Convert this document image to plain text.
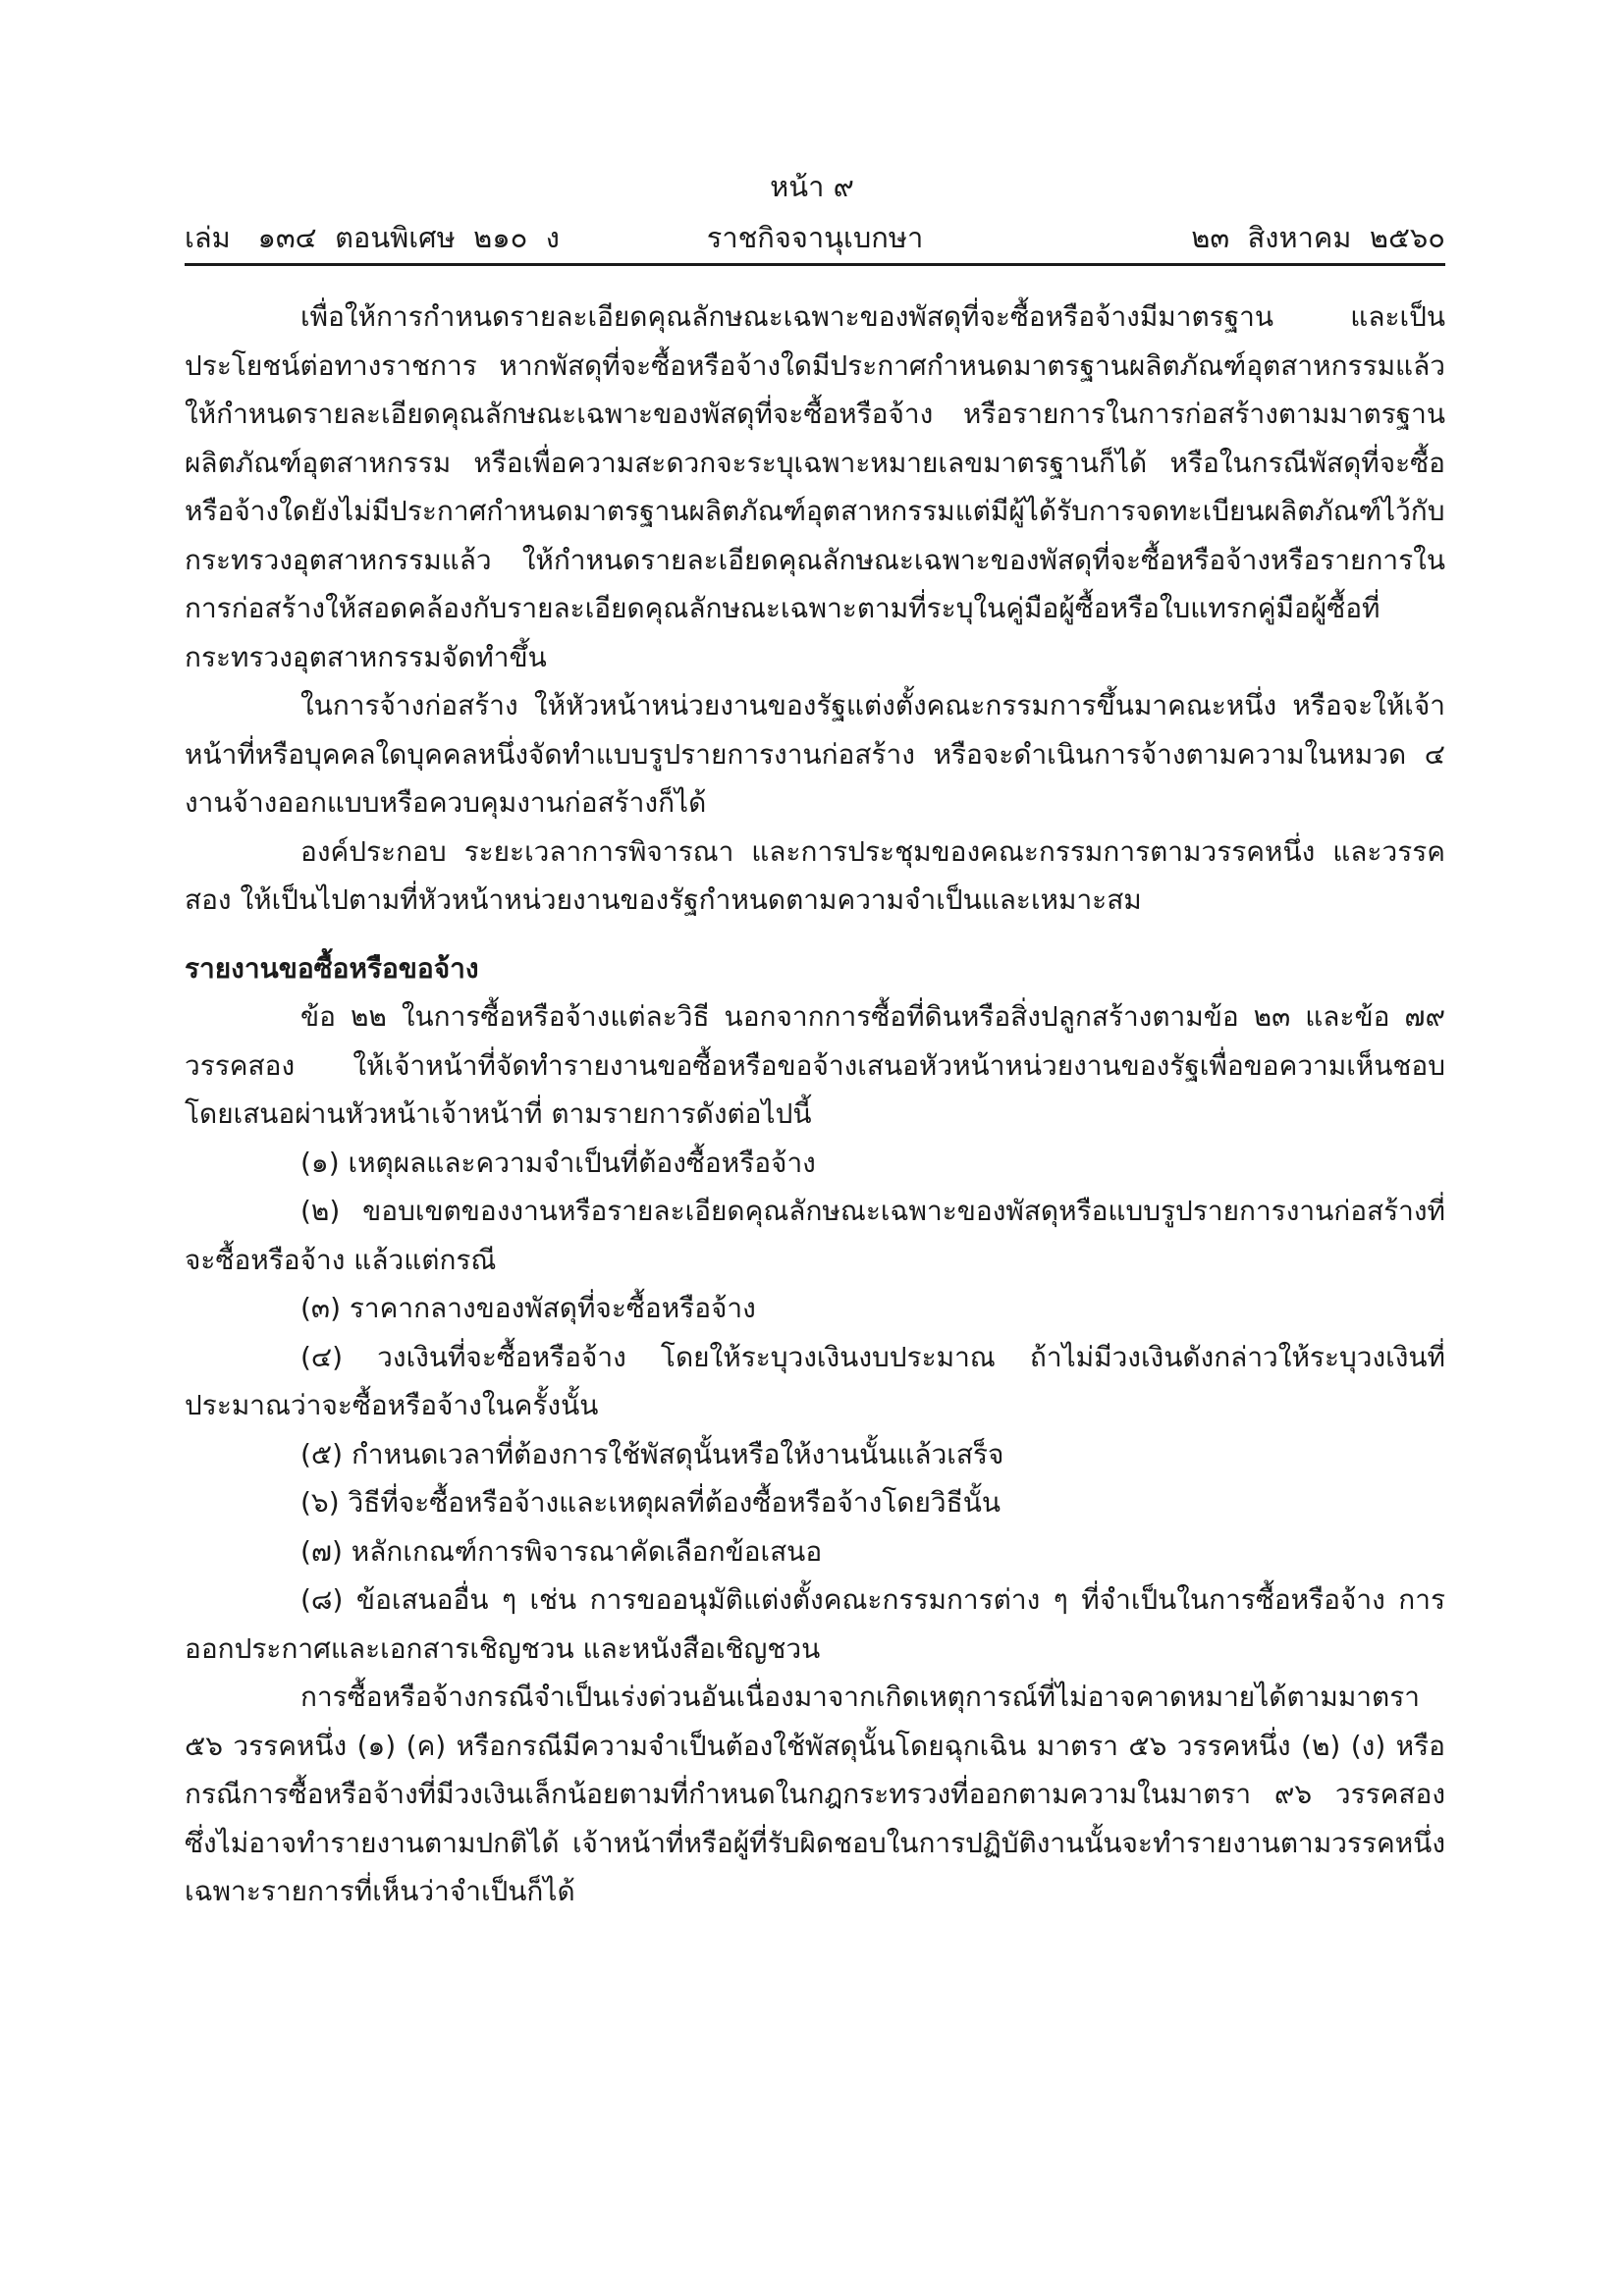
หน้า ๙
เล่ม   ๑๓๔  ตอนพิเศษ  ๒๑๐  ง	ราชกิจจานุเบกษา	๒๓  สิงหาคม  ๒๕๖๐

เพื่อให้การกำหนดรายละเอียดคุณลักษณะเฉพาะของพัสดุที่จะซื้อหรือจ้างมีมาตรฐาน และเป็นประโยชน์ต่อทางราชการ หากพัสดุที่จะซื้อหรือจ้างใดมีประกาศกำหนดมาตรฐานผลิตภัณฑ์อุตสาหกรรมแล้วให้กำหนดรายละเอียดคุณลักษณะเฉพาะของพัสดุที่จะซื้อหรือจ้าง หรือรายการในการก่อสร้างตามมาตรฐานผลิตภัณฑ์อุตสาหกรรม หรือเพื่อความสะดวกจะระบุเฉพาะหมายเลขมาตรฐานก็ได้ หรือในกรณีพัสดุที่จะซื้อหรือจ้างใดยังไม่มีประกาศกำหนดมาตรฐานผลิตภัณฑ์อุตสาหกรรมแต่มีผู้ได้รับการจดทะเบียนผลิตภัณฑ์ไว้กับกระทรวงอุตสาหกรรมแล้ว ให้กำหนดรายละเอียดคุณลักษณะเฉพาะของพัสดุที่จะซื้อหรือจ้างหรือรายการในการก่อสร้างให้สอดคล้องกับรายละเอียดคุณลักษณะเฉพาะตามที่ระบุในคู่มือผู้ซื้อหรือใบแทรกคู่มือผู้ซื้อที่กระทรวงอุตสาหกรรมจัดทำขึ้น

ในการจ้างก่อสร้าง ให้หัวหน้าหน่วยงานของรัฐแต่งตั้งคณะกรรมการขึ้นมาคณะหนึ่ง หรือจะให้เจ้าหน้าที่หรือบุคคลใดบุคคลหนึ่งจัดทำแบบรูปรายการงานก่อสร้าง หรือจะดำเนินการจ้างตามความในหมวด ๔ งานจ้างออกแบบหรือควบคุมงานก่อสร้างก็ได้

องค์ประกอบ ระยะเวลาการพิจารณา และการประชุมของคณะกรรมการตามวรรคหนึ่ง และวรรคสอง ให้เป็นไปตามที่หัวหน้าหน่วยงานของรัฐกำหนดตามความจำเป็นและเหมาะสม

รายงานขอซื้อหรือขอจ้าง

ข้อ ๒๒ ในการซื้อหรือจ้างแต่ละวิธี นอกจากการซื้อที่ดินหรือสิ่งปลูกสร้างตามข้อ ๒๓ และข้อ ๗๙ วรรคสอง ให้เจ้าหน้าที่จัดทำรายงานขอซื้อหรือขอจ้างเสนอหัวหน้าหน่วยงานของรัฐเพื่อขอความเห็นชอบ โดยเสนอผ่านหัวหน้าเจ้าหน้าที่ ตามรายการดังต่อไปนี้

(๑) เหตุผลและความจำเป็นที่ต้องซื้อหรือจ้าง

(๒) ขอบเขตของงานหรือรายละเอียดคุณลักษณะเฉพาะของพัสดุหรือแบบรูปรายการงานก่อสร้างที่จะซื้อหรือจ้าง แล้วแต่กรณี

(๓) ราคากลางของพัสดุที่จะซื้อหรือจ้าง

(๔) วงเงินที่จะซื้อหรือจ้าง โดยให้ระบุวงเงินงบประมาณ ถ้าไม่มีวงเงินดังกล่าวให้ระบุวงเงินที่ประมาณว่าจะซื้อหรือจ้างในครั้งนั้น

(๕) กำหนดเวลาที่ต้องการใช้พัสดุนั้นหรือให้งานนั้นแล้วเสร็จ

(๖) วิธีที่จะซื้อหรือจ้างและเหตุผลที่ต้องซื้อหรือจ้างโดยวิธีนั้น

(๗) หลักเกณฑ์การพิจารณาคัดเลือกข้อเสนอ

(๘) ข้อเสนออื่น ๆ เช่น การขออนุมัติแต่งตั้งคณะกรรมการต่าง ๆ ที่จำเป็นในการซื้อหรือจ้าง การออกประกาศและเอกสารเชิญชวน และหนังสือเชิญชวน

การซื้อหรือจ้างกรณีจำเป็นเร่งด่วนอันเนื่องมาจากเกิดเหตุการณ์ที่ไม่อาจคาดหมายได้ตามมาตรา ๕๖ วรรคหนึ่ง (๑) (ค) หรือกรณีมีความจำเป็นต้องใช้พัสดุนั้นโดยฉุกเฉิน มาตรา ๕๖ วรรคหนึ่ง (๒) (ง) หรือกรณีการซื้อหรือจ้างที่มีวงเงินเล็กน้อยตามที่กำหนดในกฎกระทรวงที่ออกตามความในมาตรา ๙๖ วรรคสอง ซึ่งไม่อาจทำรายงานตามปกติได้ เจ้าหน้าที่หรือผู้ที่รับผิดชอบในการปฏิบัติงานนั้นจะทำรายงานตามวรรคหนึ่ง เฉพาะรายการที่เห็นว่าจำเป็นก็ได้
